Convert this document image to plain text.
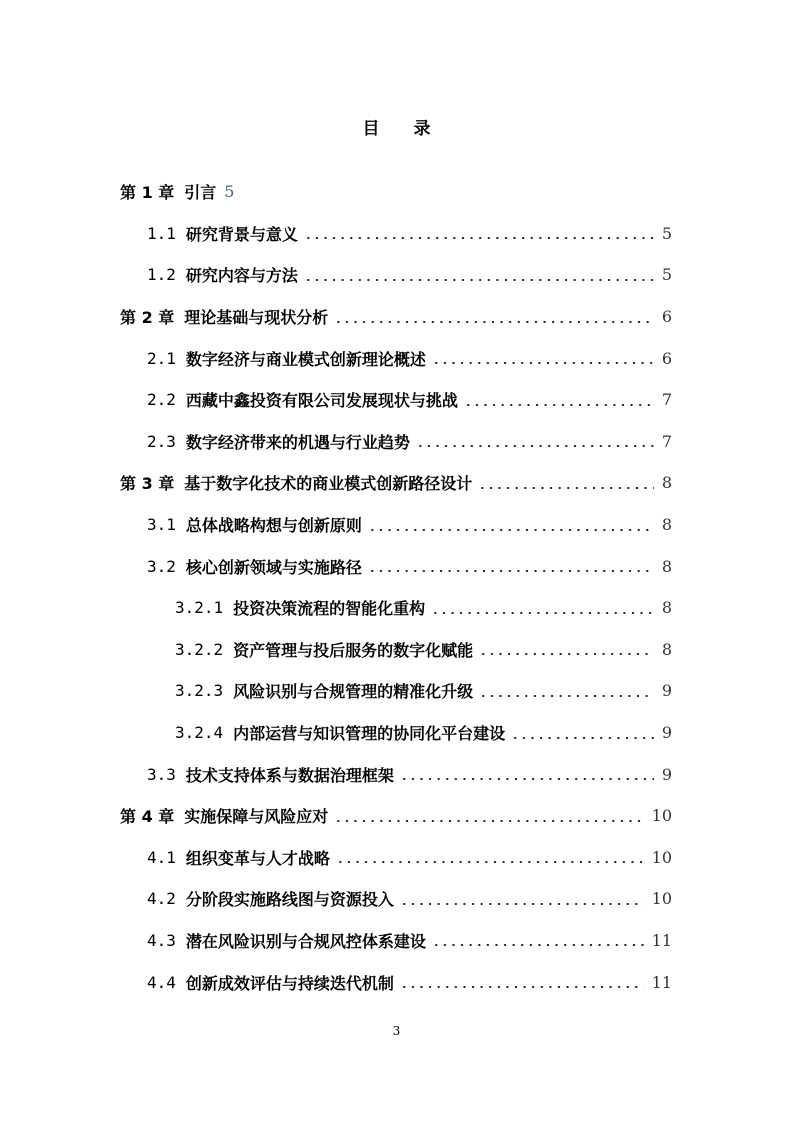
目 录
第 1 章 引言 5
1.1 研究背景与意义	5
1.2 研究内容与方法	5
第 2 章 理论基础与现状分析	6
2.1 数字经济与商业模式创新理论概述	6
2.2 西藏中鑫投资有限公司发展现状与挑战	7
2.3 数字经济带来的机遇与行业趋势	7
第 3 章 基于数字化技术的商业模式创新路径设计	8
3.1 总体战略构想与创新原则	8
3.2 核心创新领域与实施路径	8
3.2.1 投资决策流程的智能化重构	8
3.2.2 资产管理与投后服务的数字化赋能	8
3.2.3 风险识别与合规管理的精准化升级	9
3.2.4 内部运营与知识管理的协同化平台建设	9
3.3 技术支持体系与数据治理框架	9
第 4 章 实施保障与风险应对	10
4.1 组织变革与人才战略	10
4.2 分阶段实施路线图与资源投入	10
4.3 潜在风险识别与合规风控体系建设	11
4.4 创新成效评估与持续迭代机制	11
3
